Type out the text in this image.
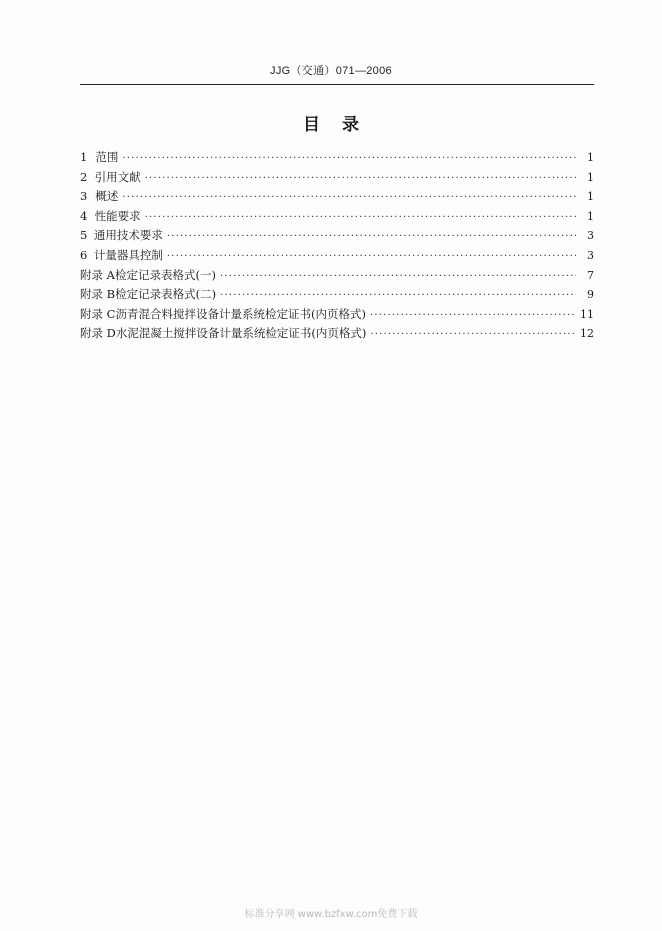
JJG（交通）071—2006
目录
1 范围 ·····	1
2 引用文献 ·····	1
3 概述 ·····	1
4 性能要求 ·····	1
5 通用技术要求 ·····	3
6 计量器具控制 ·····	3
附录 A 检定记录表格式(一) ·····	7
附录 B 检定记录表格式(二) ·····	9
附录 C 沥青混合料搅拌设备计量系统检定证书(内页格式) ·····	11
附录 D 水泥混凝土搅拌设备计量系统检定证书(内页格式) ·····	12
标准分享网 www.bzfxw.com免费下载
